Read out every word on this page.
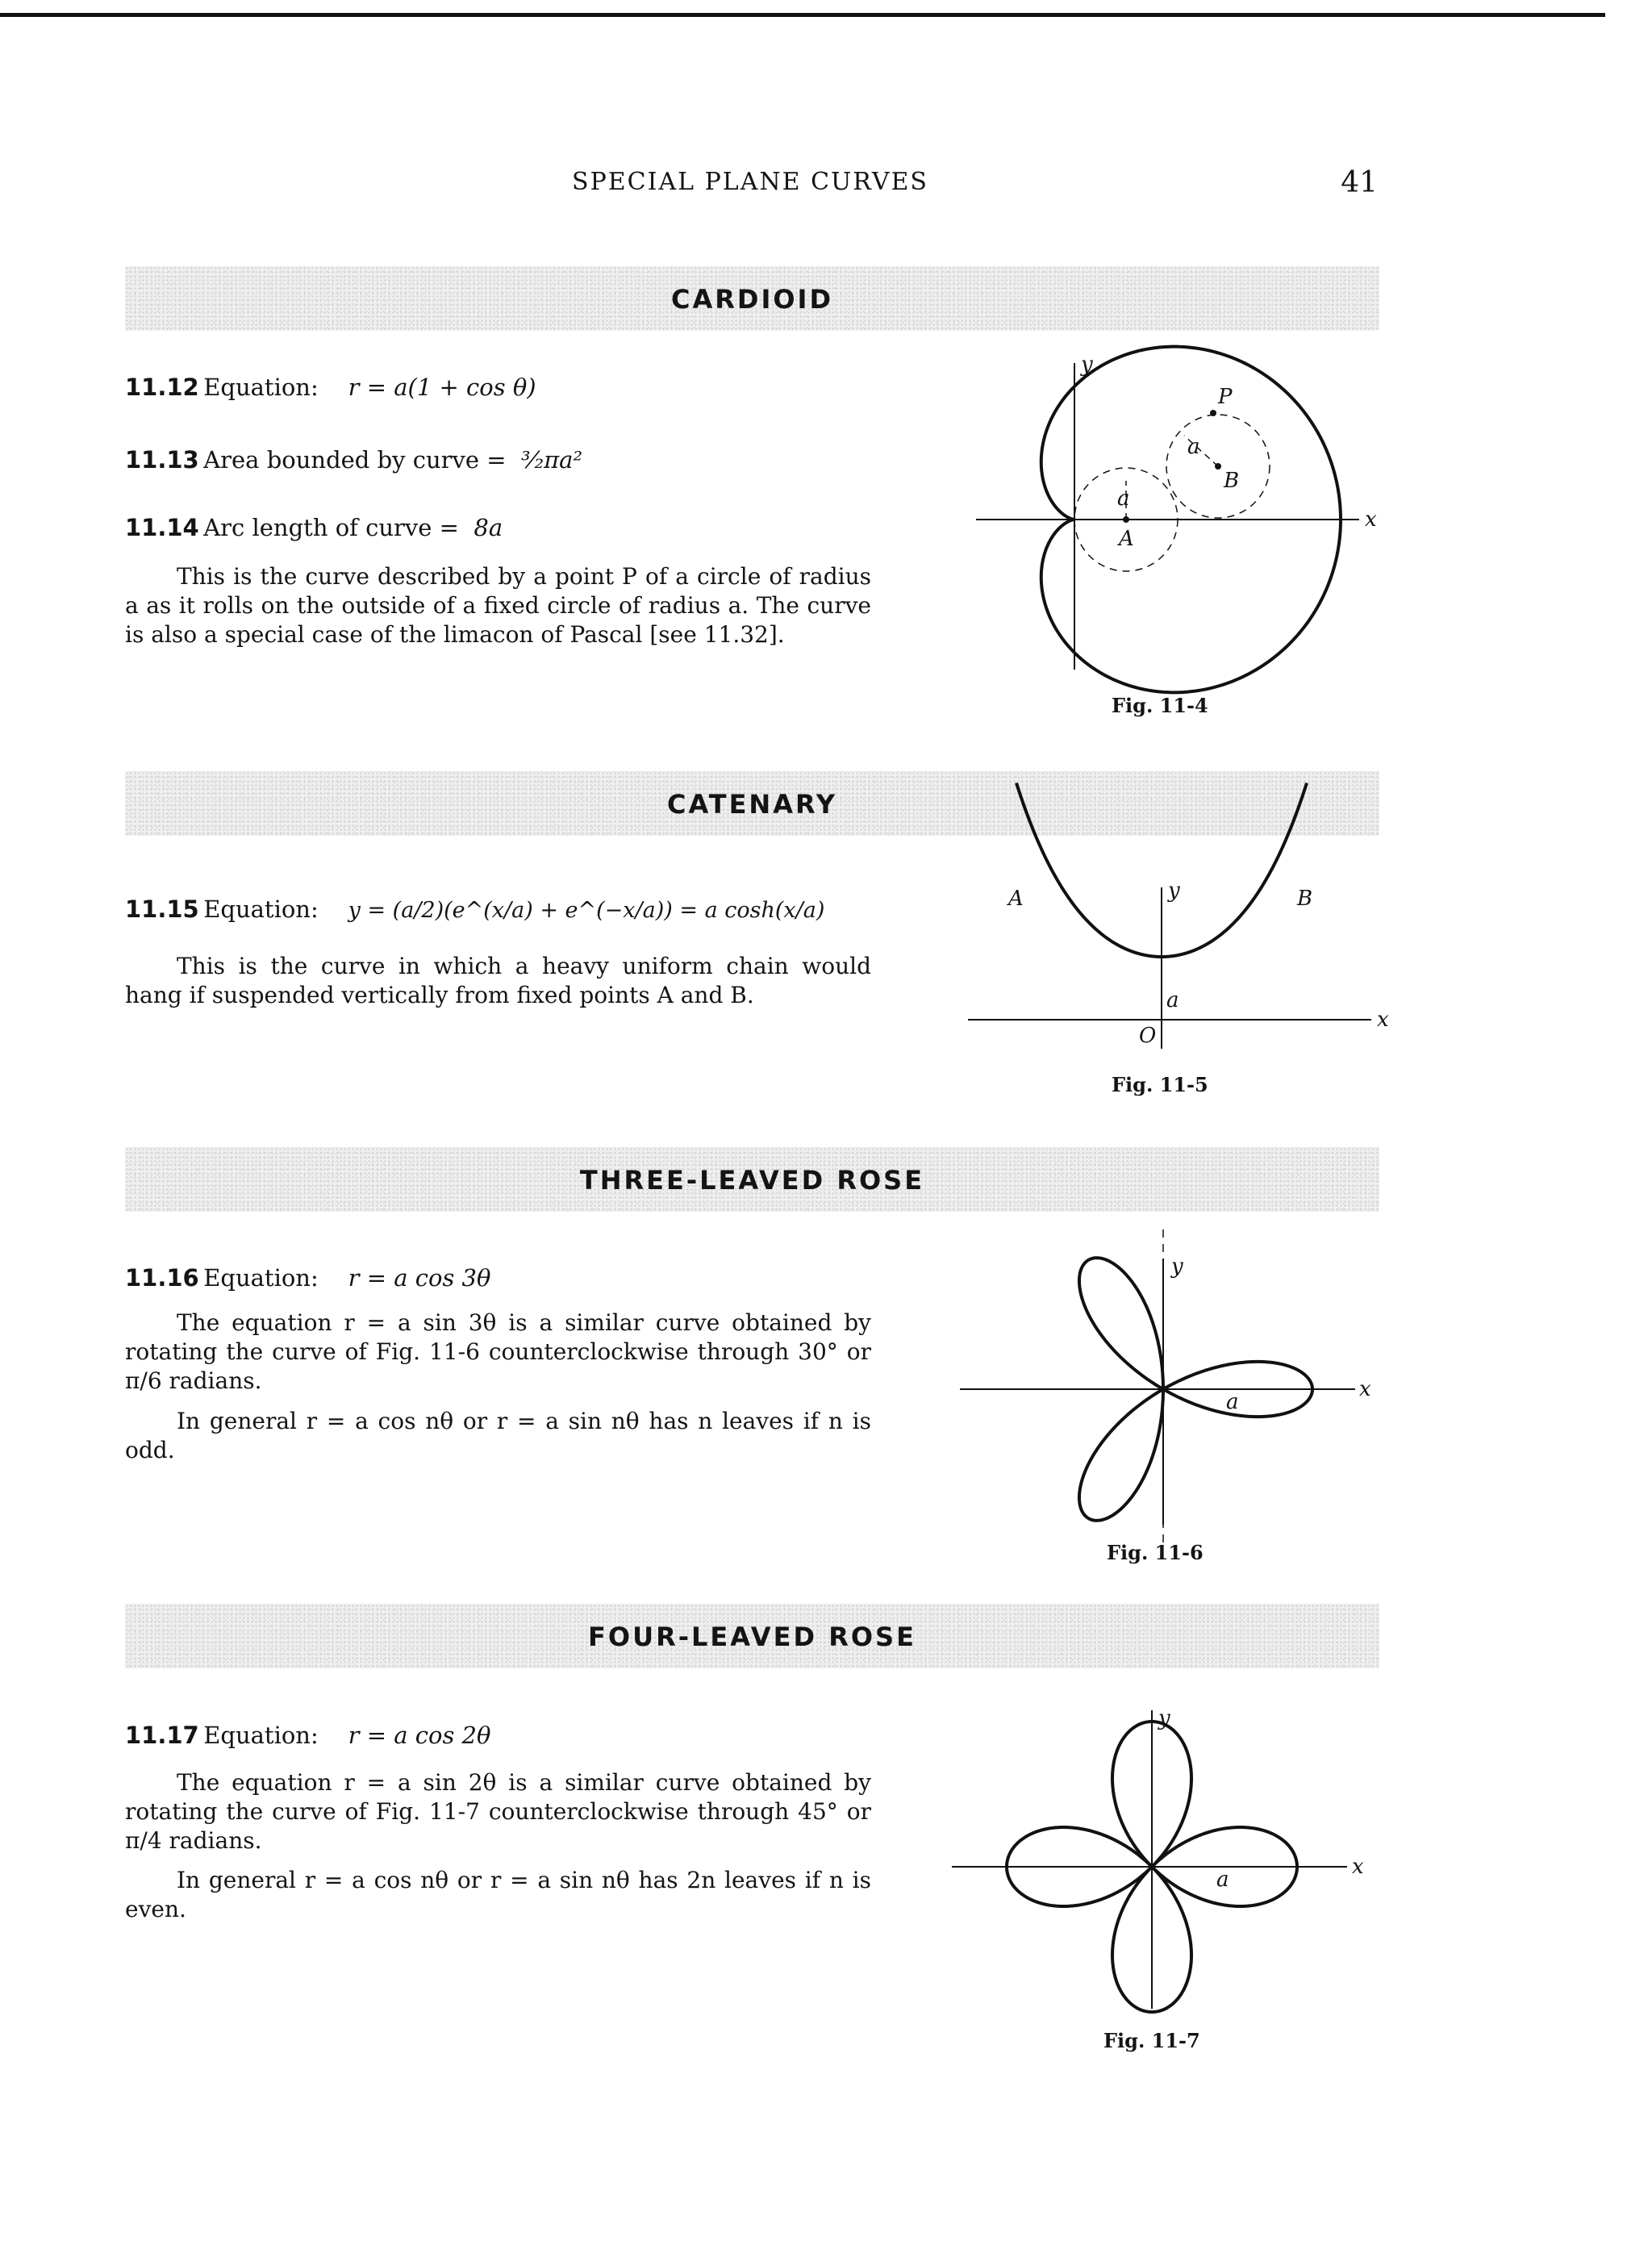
SPECIAL PLANE CURVES	41
CARDIOID
11.12 Equation: r = a(1 + cos θ)
11.13 Area bounded by curve = ³⁄₂πa²
11.14 Arc length of curve = 8a
This is the curve described by a point P of a circle of radius a as it rolls on the outside of a fixed circle of radius a. The curve is also a special case of the limacon of Pascal [see 11.32].
y
x
P
A
B
a
a
Fig. 11-4
CATENARY
11.15 Equation: y = (a/2)(e^(x/a) + e^(−x/a)) = a cosh(x/a)
This is the curve in which a heavy uniform chain would hang if suspended vertically from fixed points A and B.
A	B
y
x
a
O
Fig. 11-5
THREE-LEAVED ROSE
11.16 Equation: r = a cos 3θ
The equation r = a sin 3θ is a similar curve obtained by rotating the curve of Fig. 11-6 counterclockwise through 30° or π/6 radians.
In general r = a cos nθ or r = a sin nθ has n leaves if n is odd.
y
x
a
Fig. 11-6
FOUR-LEAVED ROSE
11.17 Equation: r = a cos 2θ
The equation r = a sin 2θ is a similar curve obtained by rotating the curve of Fig. 11-7 counterclockwise through 45° or π/4 radians.
In general r = a cos nθ or r = a sin nθ has 2n leaves if n is even.
y
x
a
Fig. 11-7
